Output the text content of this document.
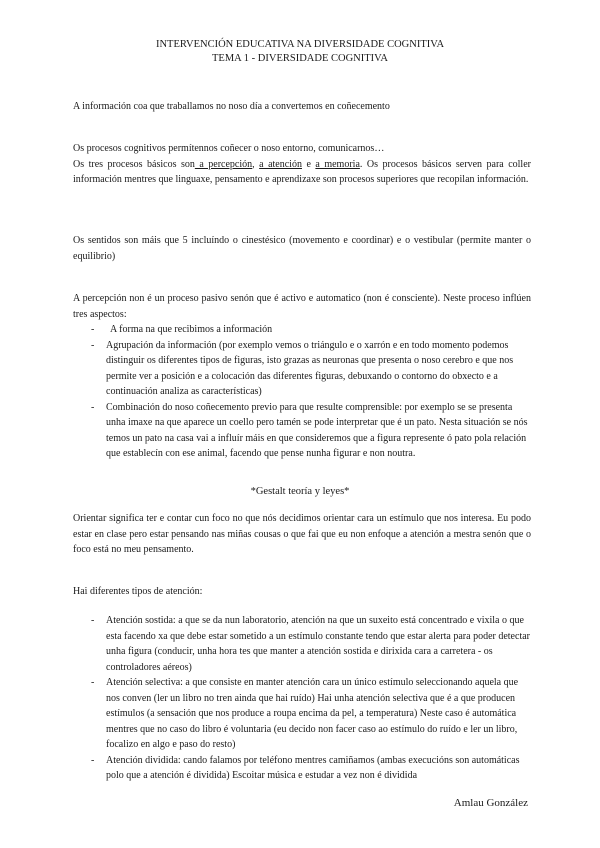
INTERVENCIÓN EDUCATIVA NA DIVERSIDADE COGNITIVA
TEMA 1 - DIVERSIDADE COGNITIVA
A información coa que traballamos no noso día a convertemos en coñecemento
Os procesos cognitivos permítennos coñecer o noso entorno, comunicarnos…
Os tres procesos básicos son a percepción, a atención e a memoria. Os procesos básicos serven para coller información mentres que linguaxe, pensamento e aprendizaxe son procesos superiores que recopilan información.
Os sentidos son máis que 5 incluíndo o cinestésico (movemento e coordinar) e o vestibular (permite manter o equilibrio)
A percepción non é un proceso pasivo senón que é activo e automatico (non é consciente). Neste proceso inflúen tres aspectos:
- A forma na que recibimos a información
- Agrupación da información (por exemplo vemos o triángulo e o xarrón e en todo momento podemos distinguir os diferentes tipos de figuras, isto grazas as neuronas que presenta o noso cerebro e que nos permite ver a posición e a colocación das diferentes figuras, debuxando o contorno do obxecto e a continuación analiza as características)
- Combinación do noso coñecemento previo para que resulte comprensible: por exemplo se se presenta unha imaxe na que aparece un coello pero tamén se pode interpretar que é un pato. Nesta situación se nós temos un pato na casa vai a influír máis en que consideremos que a figura represente ó pato pola relación que establecín con ese animal, facendo que pense nunha figurar e non noutra.
*Gestalt teoría y leyes*
Orientar significa ter e contar cun foco no que nós decidimos orientar cara un estímulo que nos interesa. Eu podo estar en clase pero estar pensando nas miñas cousas o que fai que eu non enfoque a atención a mestra senón que o foco está no meu pensamento.
Hai diferentes tipos de atención:
- Atención sostida: a que se da nun laboratorio, atención na que un suxeito está concentrado e vixila o que esta facendo xa que debe estar sometido a un estímulo constante tendo que estar alerta para poder detectar unha figura (conducir, unha hora tes que manter a atención sostida e dirixida cara a carretera - os controladores aéreos)
- Atención selectiva: a que consiste en manter atención cara un único estímulo seleccionando aquela que nos conven (ler un libro no tren ainda que hai ruído) Hai unha atención selectiva que é a que producen estímulos (a sensación que nos produce a roupa encima da pel, a temperatura) Neste caso é automática mentres que no caso do libro é voluntaria (eu decido non facer caso ao estímulo do ruído e ler un libro, focalizo en algo e paso do resto)
- Atención dividida: cando falamos por teléfono mentres camiñamos (ambas execucións son automáticas polo que a atención é dividida) Escoitar música e estudar a vez non é dividida
Amlau González
